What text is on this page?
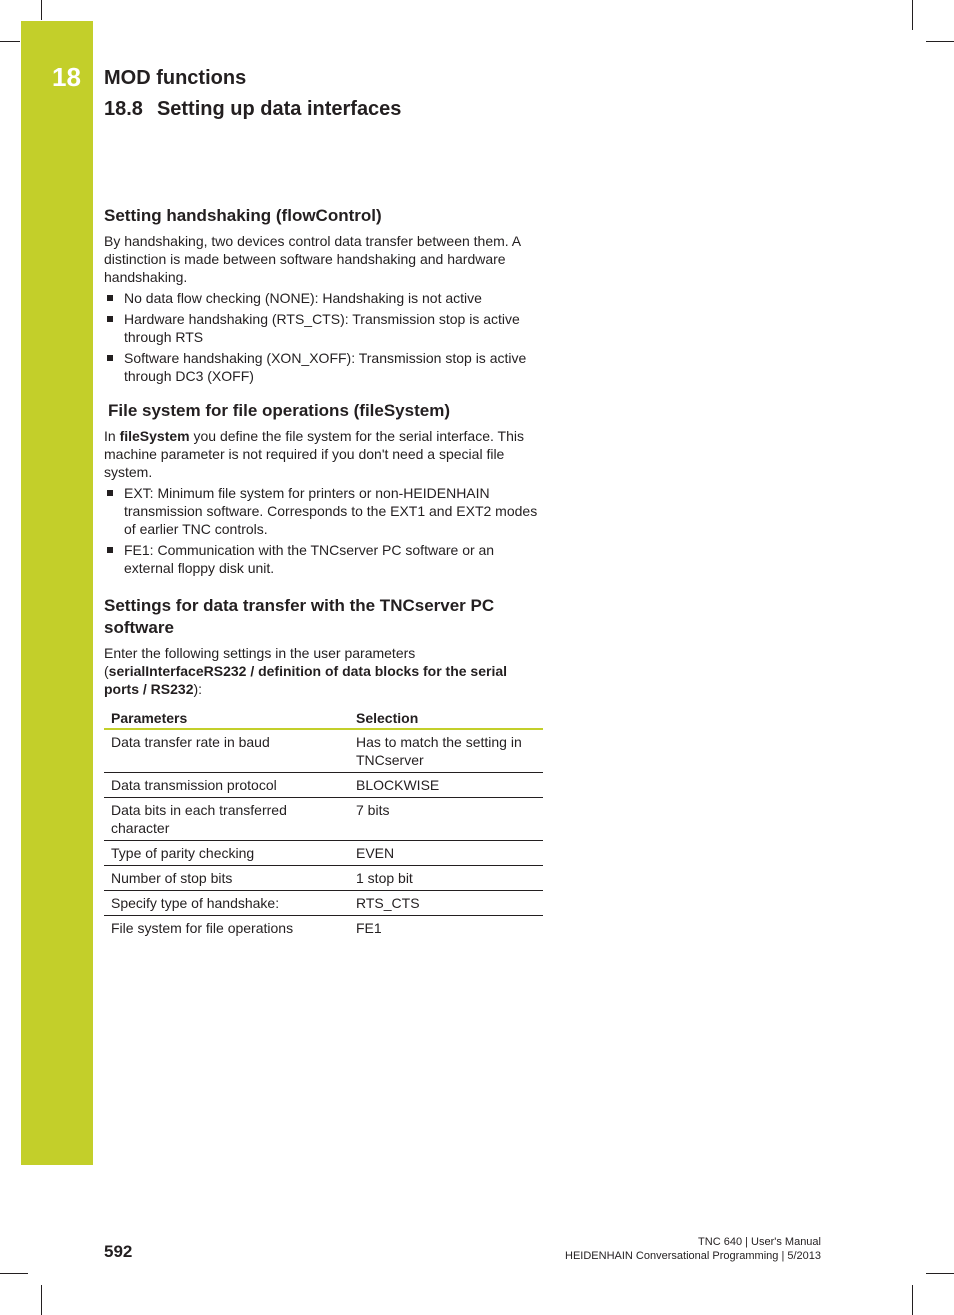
18 MOD functions
18.8 Setting up data interfaces
Setting handshaking (flowControl)

By handshaking, two devices control data transfer between them. A distinction is made between software handshaking and hardware handshaking.

No data flow checking (NONE): Handshaking is not active
Hardware handshaking (RTS_CTS): Transmission stop is active through RTS
Software handshaking (XON_XOFF): Transmission stop is active through DC3 (XOFF)
File system for file operations (fileSystem)

In fileSystem you define the file system for the serial interface. This machine parameter is not required if you don't need a special file system.

EXT: Minimum file system for printers or non-HEIDENHAIN transmission software. Corresponds to the EXT1 and EXT2 modes of earlier TNC controls.
FE1: Communication with the TNCserver PC software or an external floppy disk unit.
Settings for data transfer with the TNCserver PC software

Enter the following settings in the user parameters (serialInterfaceRS232 / definition of data blocks for the serial ports / RS232):

Parameters	Selection
Data transfer rate in baud	Has to match the setting in TNCserver
Data transmission protocol	BLOCKWISE
Data bits in each transferred character	7 bits
Type of parity checking	EVEN
Number of stop bits	1 stop bit
Specify type of handshake:	RTS_CTS
File system for file operations	FE1
592	TNC 640 | User's Manual
HEIDENHAIN Conversational Programming | 5/2013
